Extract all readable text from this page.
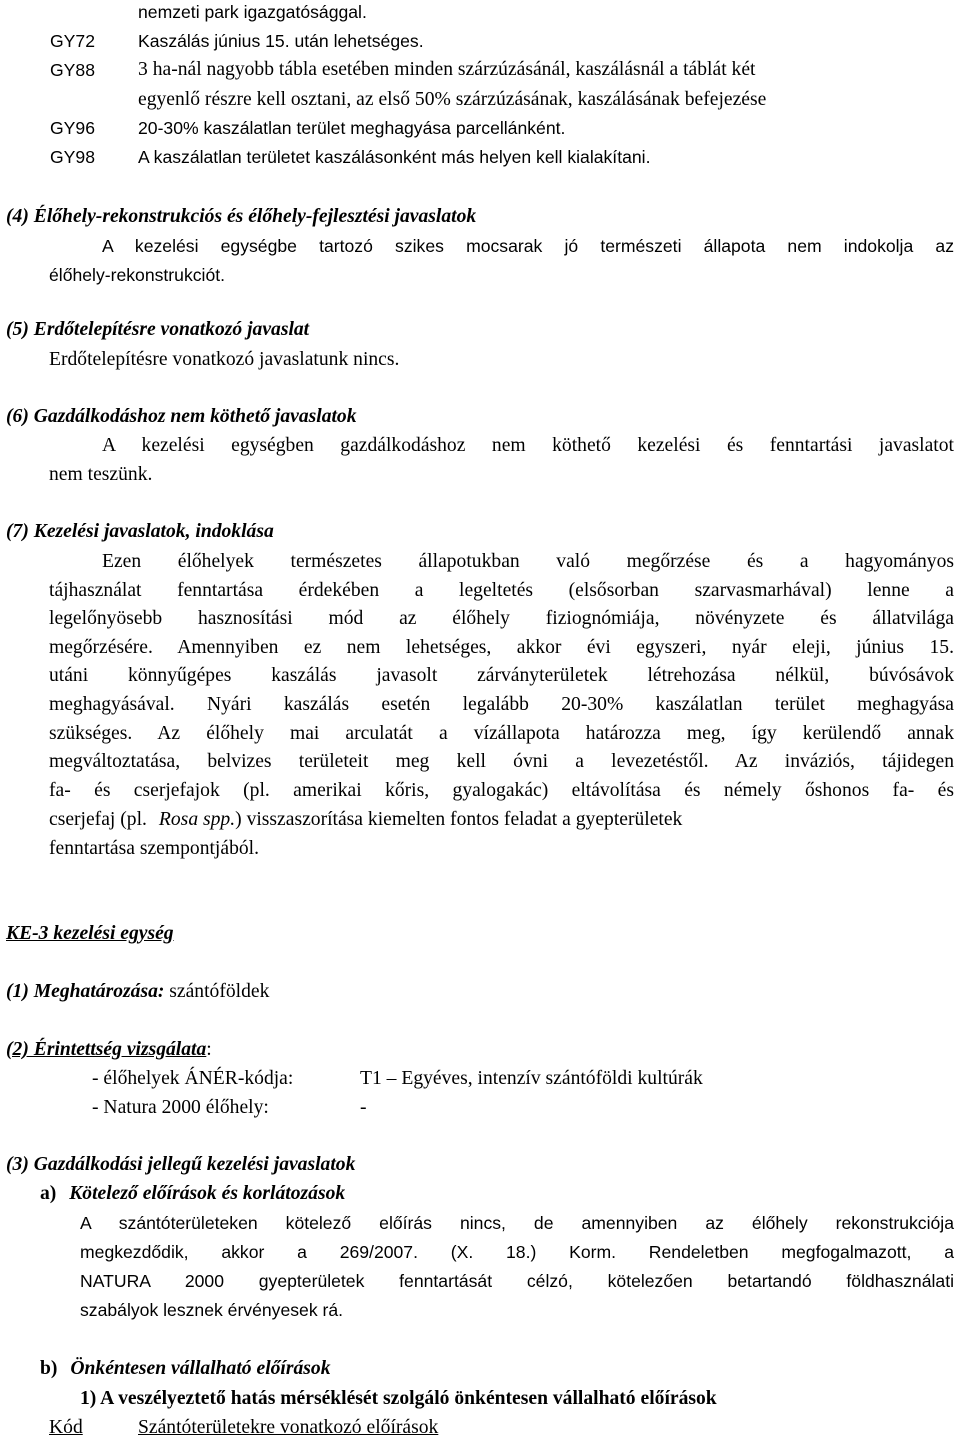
nemzeti park igazgatósággal.
GY72 Kaszálás június 15. után lehetséges.
GY88 3 ha-nál nagyobb tábla esetében minden szárzúzásánál, kaszálásnál a táblát két
egyenlő részre kell osztani, az első 50% szárzúzásának, kaszálásának befejezése
GY96 20-30% kaszálatlan terület meghagyása parcellánként.
GY98 A kaszálatlan területet kaszálásonként más helyen kell kialakítani.
(4) Élőhely-rekonstrukciós és élőhely-fejlesztési javaslatok
A kezelési egységbe tartozó szikes mocsarak jó természeti állapota nem indokolja az
élőhely-rekonstrukciót.
(5) Erdőtelepítésre vonatkozó javaslat
Erdőtelepítésre vonatkozó javaslatunk nincs.
(6) Gazdálkodáshoz nem köthető javaslatok
A kezelési egységben gazdálkodáshoz nem köthető kezelési és fenntartási javaslatot
nem teszünk.
(7) Kezelési javaslatok, indoklása
Ezen élőhelyek természetes állapotukban való megőrzése és a hagyományos
tájhasználat fenntartása érdekében a legeltetés (elsősorban szarvasmarhával) lenne a
legelőnyösebb hasznosítási mód az élőhely fiziognómiája, növényzete és állatvilága
megőrzésére. Amennyiben ez nem lehetséges, akkor évi egyszeri, nyár eleji, június 15.
utáni könnyűgépes kaszálás javasolt zárványterületek létrehozása nélkül, búvósávok
meghagyásával. Nyári kaszálás esetén legalább 20-30% kaszálatlan terület meghagyása
szükséges. Az élőhely mai arculatát a vízállapota határozza meg, így kerülendő annak
megváltoztatása, belvizes területeit meg kell óvni a levezetéstől. Az inváziós, tájidegen
fa- és cserjefajok (pl. amerikai kőris, gyalogakác) eltávolítása és némely őshonos fa- és
cserjefaj (pl. Rosa spp.) visszaszorítása kiemelten fontos feladat a gyepterületek
fenntartása szempontjából.
KE-3 kezelési egység
(1) Meghatározása: szántóföldek
(2) Érintettség vizsgálata:
- élőhelyek ÁNÉR-kódja:	T1 – Egyéves, intenzív szántóföldi kultúrák
- Natura 2000 élőhely:	-
(3) Gazdálkodási jellegű kezelési javaslatok
a) Kötelező előírások és korlátozások
A szántóterületeken kötelező előírás nincs, de amennyiben az élőhely rekonstrukciója
megkezdődik, akkor a 269/2007. (X. 18.) Korm. Rendeletben megfogalmazott, a
NATURA 2000 gyepterületek fenntartását célzó, kötelezően betartandó földhasználati
szabályok lesznek érvényesek rá.
b) Önkéntesen vállalható előírások
1) A veszélyeztető hatás mérséklését szolgáló önkéntesen vállalható előírások
Kód	Szántóterületekre vonatkozó előírások
